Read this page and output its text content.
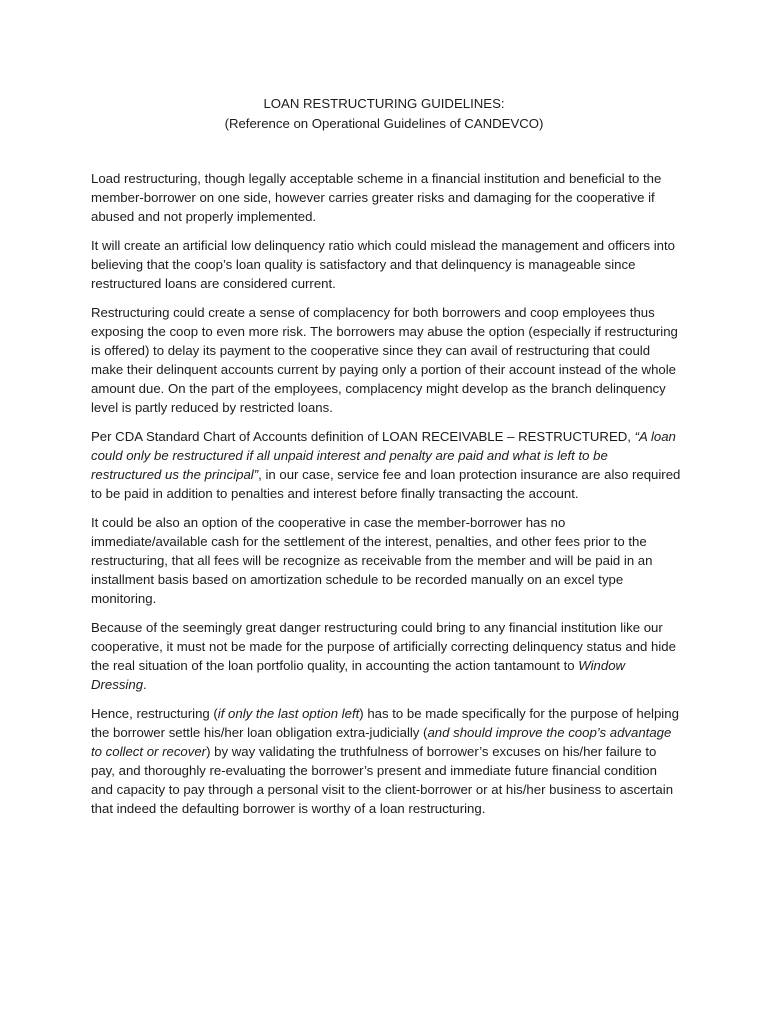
LOAN RESTRUCTURING GUIDELINES:
(Reference on Operational Guidelines of CANDEVCO)

Load restructuring, though legally acceptable scheme in a financial institution and beneficial to the member-borrower on one side, however carries greater risks and damaging for the cooperative if abused and not properly implemented.

It will create an artificial low delinquency ratio which could mislead the management and officers into believing that the coop’s loan quality is satisfactory and that delinquency is manageable since restructured loans are considered current.

Restructuring could create a sense of complacency for both borrowers and coop employees thus exposing the coop to even more risk. The borrowers may abuse the option (especially if restructuring is offered) to delay its payment to the cooperative since they can avail of restructuring that could make their delinquent accounts current by paying only a portion of their account instead of the whole amount due. On the part of the employees, complacency might develop as the branch delinquency level is partly reduced by restricted loans.

Per CDA Standard Chart of Accounts definition of LOAN RECEIVABLE – RESTRUCTURED, “A loan could only be restructured if all unpaid interest and penalty are paid and what is left to be restructured us the principal”, in our case, service fee and loan protection insurance are also required to be paid in addition to penalties and interest before finally transacting the account.

It could be also an option of the cooperative in case the member-borrower has no immediate/available cash for the settlement of the interest, penalties, and other fees prior to the restructuring, that all fees will be recognize as receivable from the member and will be paid in an installment basis based on amortization schedule to be recorded manually on an excel type monitoring.

Because of the seemingly great danger restructuring could bring to any financial institution like our cooperative, it must not be made for the purpose of artificially correcting delinquency status and hide the real situation of the loan portfolio quality, in accounting the action tantamount to Window Dressing.

Hence, restructuring (if only the last option left) has to be made specifically for the purpose of helping the borrower settle his/her loan obligation extra-judicially (and should improve the coop’s advantage to collect or recover) by way validating the truthfulness of borrower’s excuses on his/her failure to pay, and thoroughly re-evaluating the borrower’s present and immediate future financial condition and capacity to pay through a personal visit to the client-borrower or at his/her business to ascertain that indeed the defaulting borrower is worthy of a loan restructuring.
